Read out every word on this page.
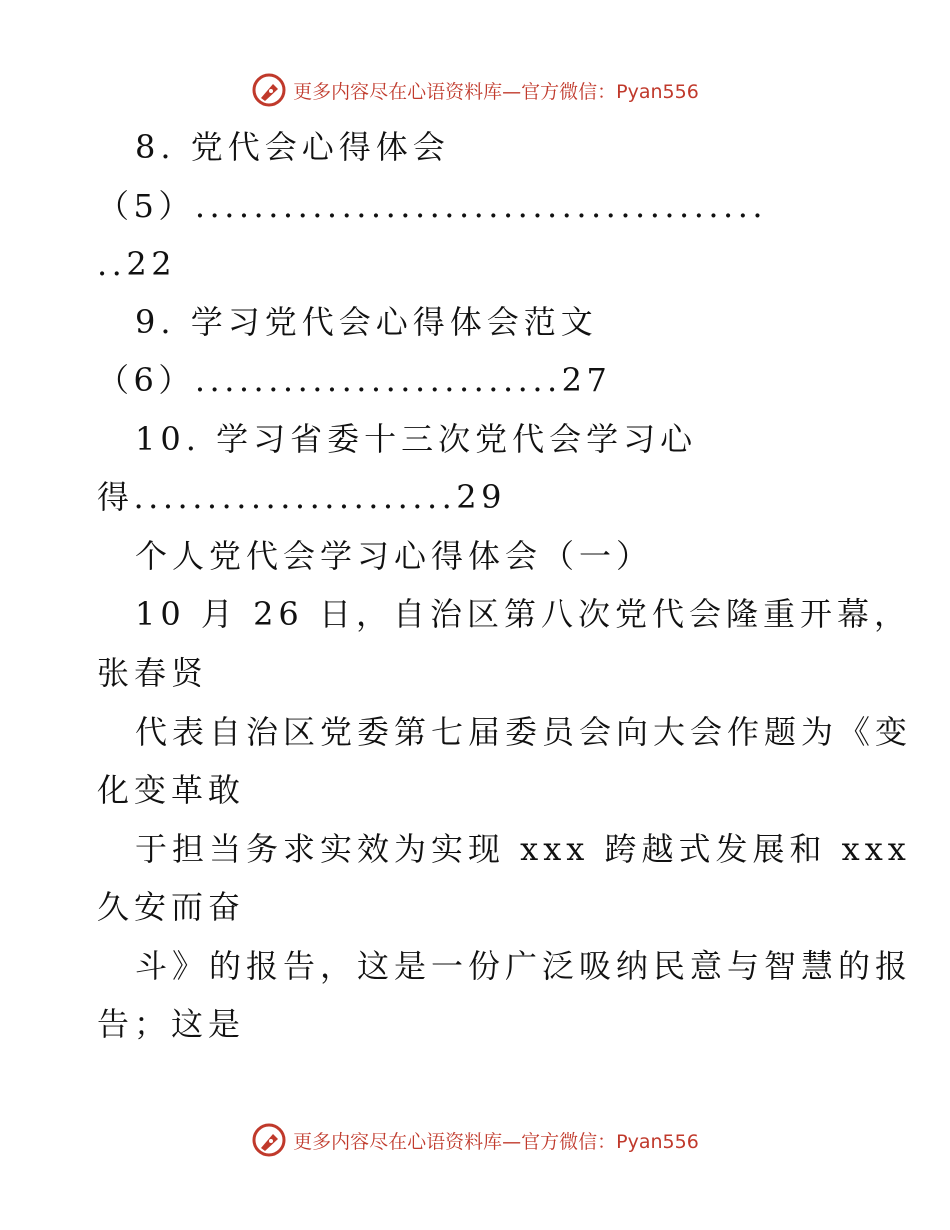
更多内容尽在心语资料库—官方微信：Pyan556
8. 党代会心得体会
（5）.......................................
..22
9. 学习党代会心得体会范文
（6）.........................27
10. 学习省委十三次党代会学习心
得......................29
个人党代会学习心得体会（一）
10 月 26 日，自治区第八次党代会隆重开幕，
张春贤
代表自治区党委第七届委员会向大会作题为《变
化变革敢
于担当务求实效为实现 xxx 跨越式发展和 xxx
久安而奋
斗》的报告，这是一份广泛吸纳民意与智慧的报
告；这是
更多内容尽在心语资料库—官方微信：Pyan556
